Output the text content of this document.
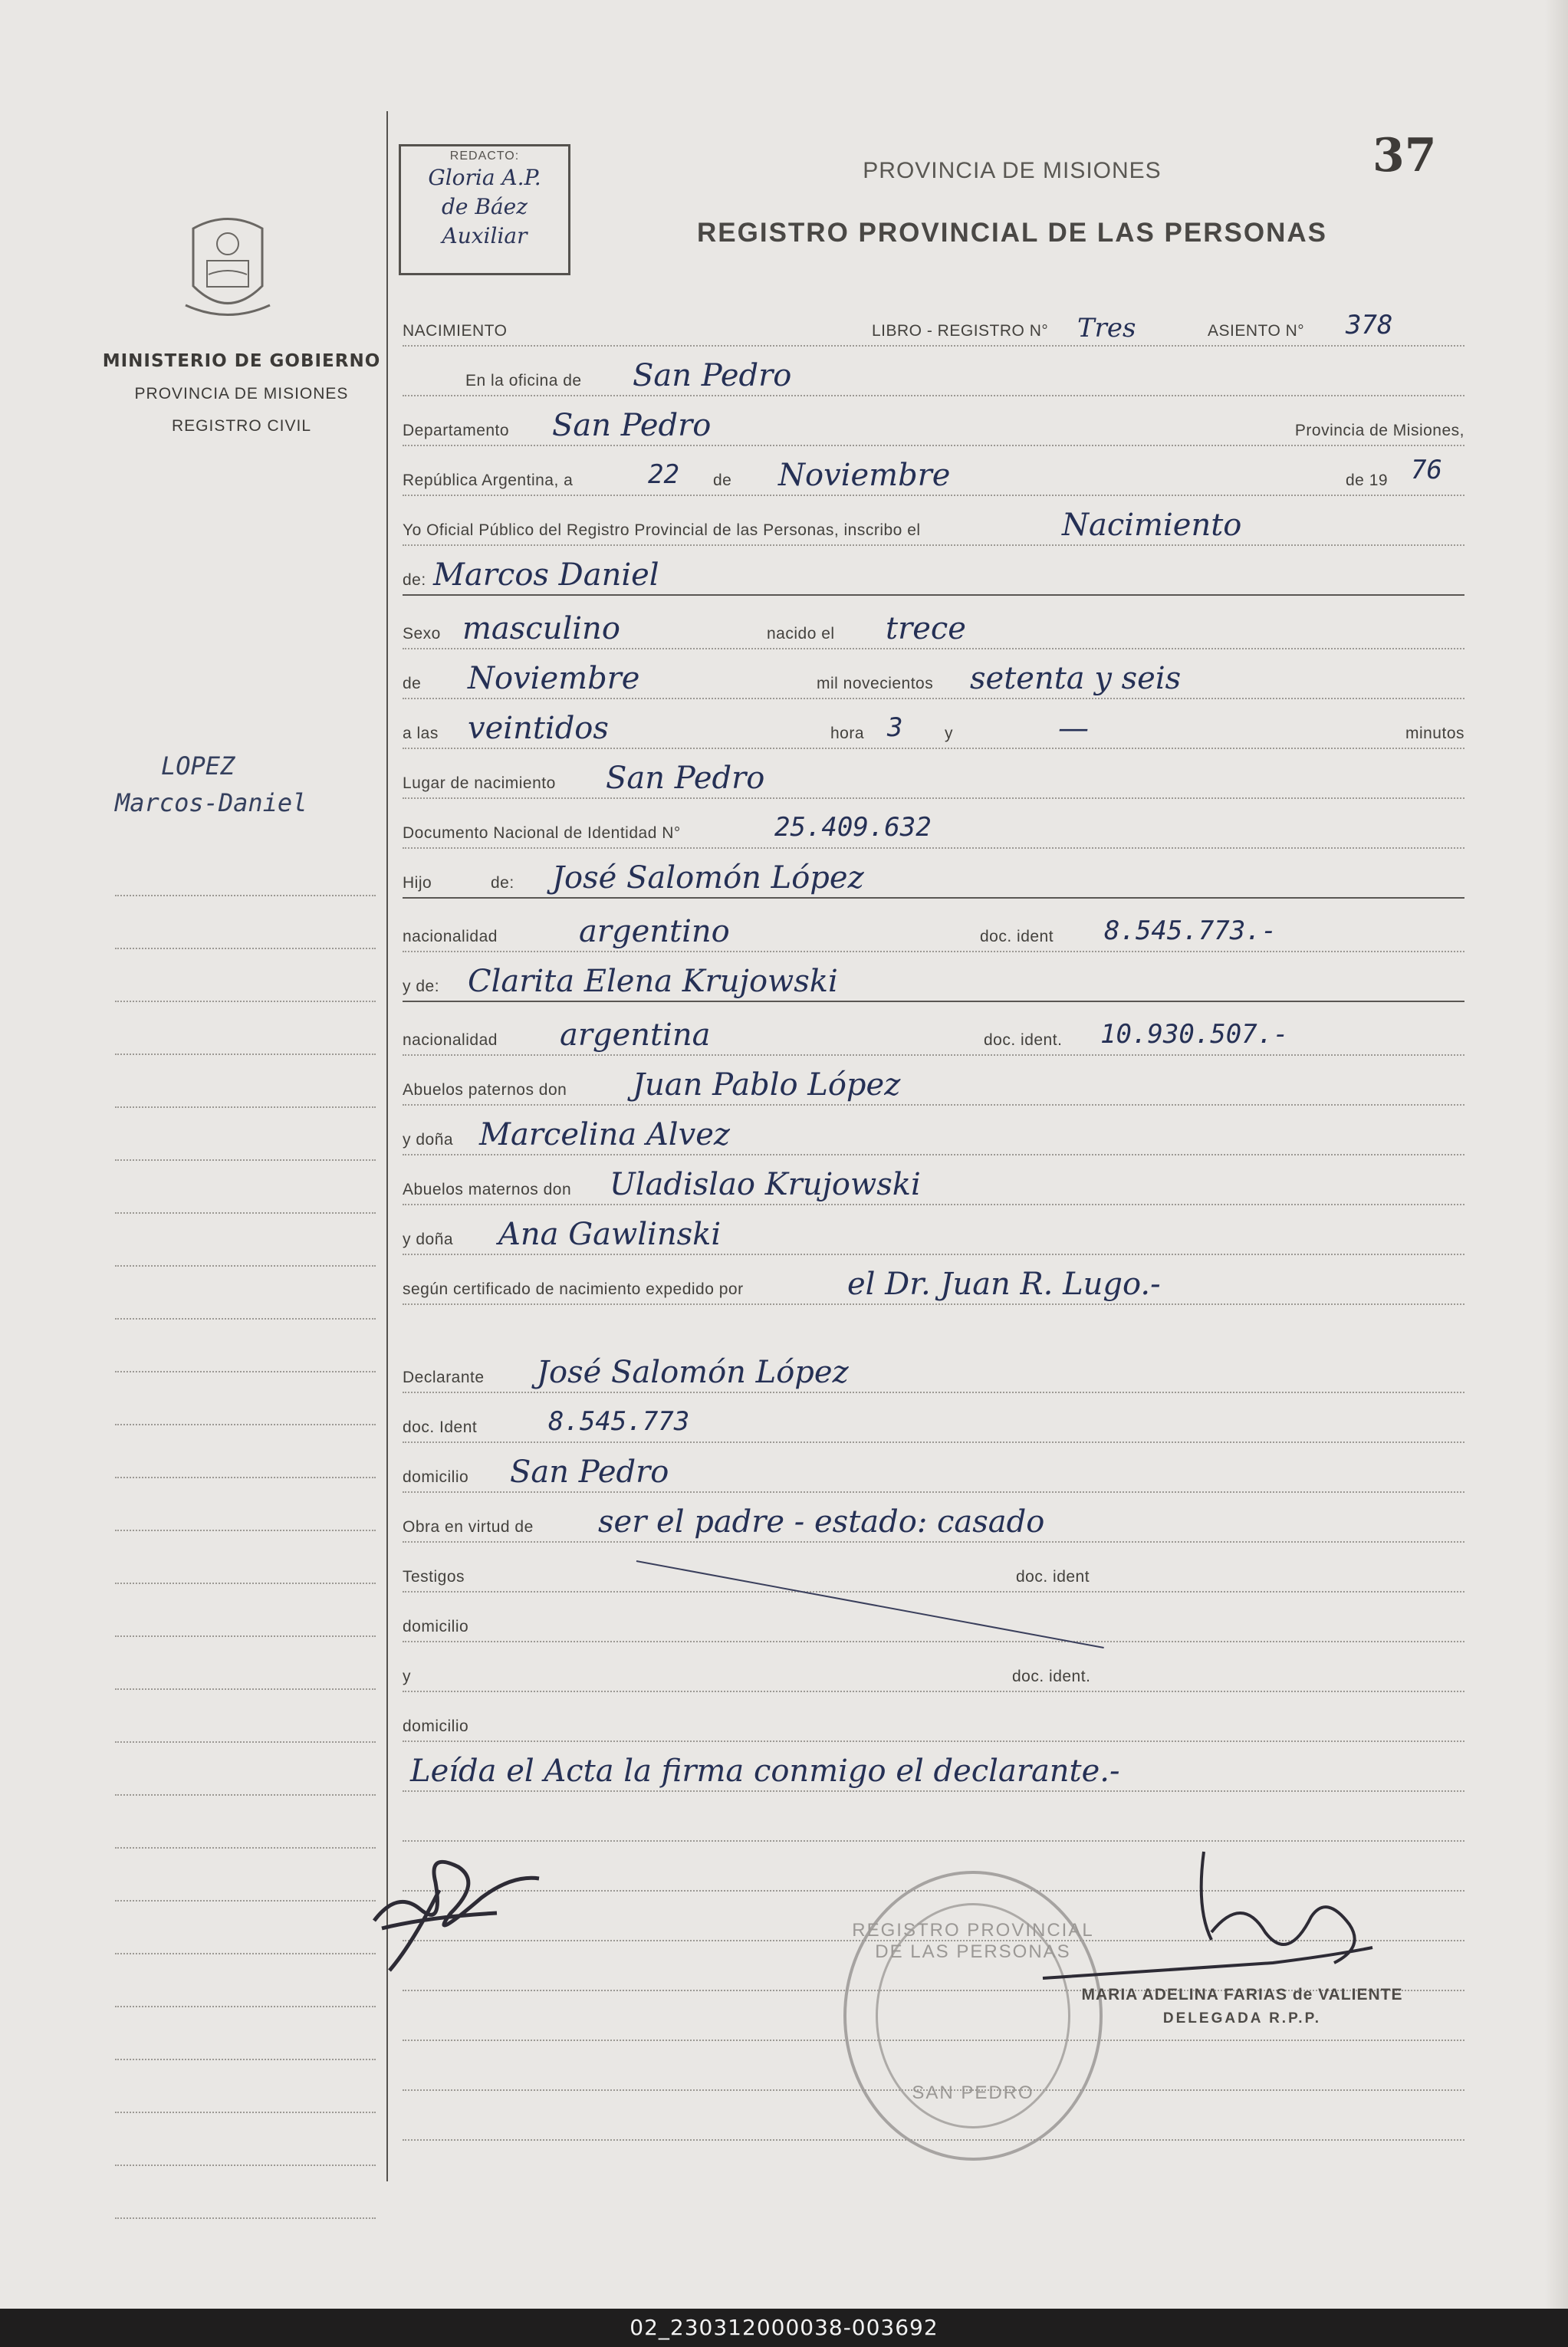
MINISTERIO DE GOBIERNO
PROVINCIA DE MISIONES
REGISTRO CIVIL
LOPEZ
Marcos-Daniel
REDACTO:
Gloria A.P.
de Báez
Auxiliar
PROVINCIA DE MISIONES
REGISTRO PROVINCIAL DE LAS PERSONAS
37
NACIMIENTO	LIBRO - REGISTRO N° Tres	ASIENTO N° 378
En la oficina de San Pedro
Departamento San Pedro	Provincia de Misiones,
República Argentina, a	22 de Noviembre	de 19 76
Yo Oficial Público del Registro Provincial de las Personas, inscribo el	Nacimiento
de: Marcos Daniel
Sexo masculino	nacido el trece
de Noviembre	mil novecientos setenta y seis
a las veintidos	hora 3	y	—	minutos
Lugar de nacimiento San Pedro
Documento Nacional de Identidad N°	25.409.632
Hijo	de: José Salomón López
nacionalidad	argentino	doc. ident 8.545.773.-
y de: Clarita Elena Krujowski
nacionalidad argentina	doc. ident. 10.930.507.-
Abuelos paternos don Juan Pablo López
y doña Marcelina Alvez
Abuelos maternos don Uladislao Krujowski
y doña Ana Gawlinski
según certificado de nacimiento expedido por	el Dr. Juan R. Lugo.-
Declarante José Salomón López
doc. Ident	8.545.773
domicilio San Pedro
Obra en virtud de ser el padre - estado: casado
Testigos	doc. ident
domicilio
y	doc. ident.
domicilio
Leída el Acta la firma conmigo el declarante.-
REGISTRO PROVINCIAL DE LAS PERSONAS
SAN PEDRO
MARIA ADELINA FARIAS de VALIENTE
DELEGADA R.P.P.
02_230312000038-003692
